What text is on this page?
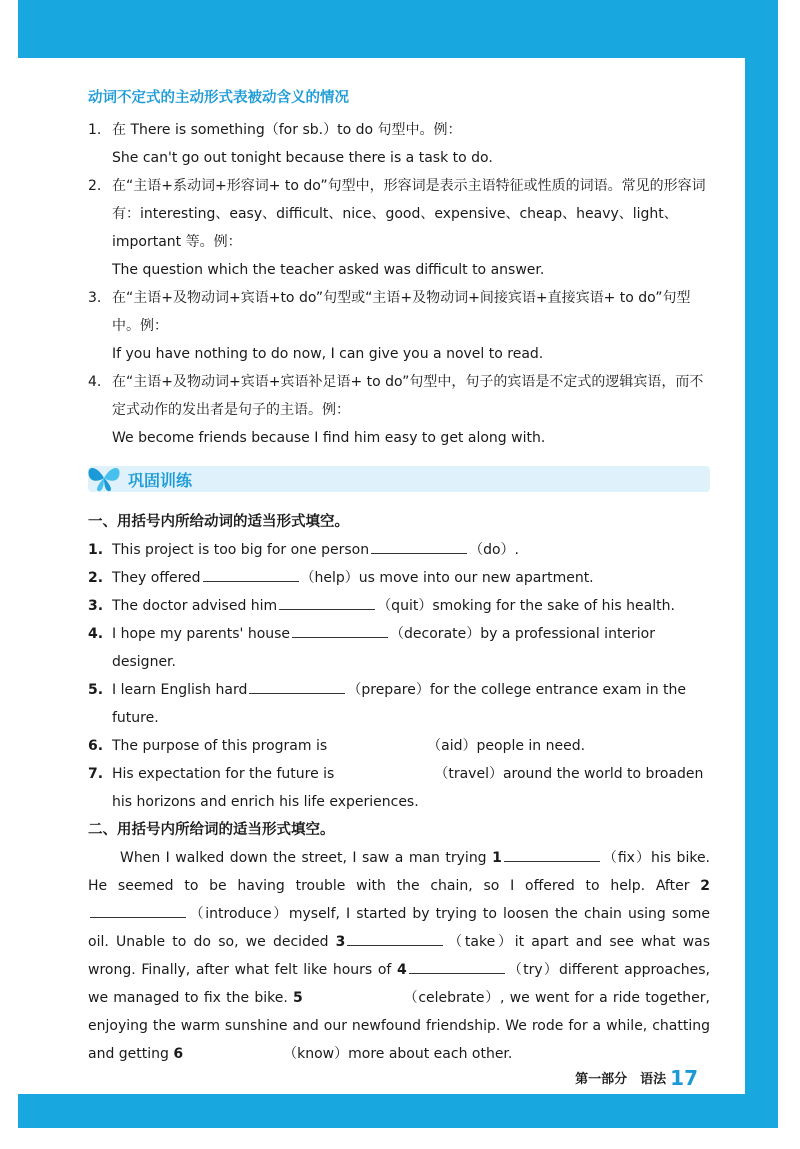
动词不定式的主动形式表被动含义的情况
1. 在 There is something（for sb.）to do 句型中。例：
She can't go out tonight because there is a task to do.
2. 在“主语+系动词+形容词+ to do”句型中，形容词是表示主语特征或性质的词语。常见的形容词有：interesting、easy、difficult、nice、good、expensive、cheap、heavy、light、important 等。例：
The question which the teacher asked was difficult to answer.
3. 在“主语+及物动词+宾语+to do”句型或“主语+及物动词+间接宾语+直接宾语+ to do”句型中。例：
If you have nothing to do now, I can give you a novel to read.
4. 在“主语+及物动词+宾语+宾语补足语+ to do”句型中，句子的宾语是不定式的逻辑宾语，而不定式动作的发出者是句子的主语。例：
We become friends because I find him easy to get along with.
巩固训练
一、用括号内所给动词的适当形式填空。
1. This project is too big for one person	（do）.
2. They offered	（help）us move into our new apartment.
3. The doctor advised him	（quit）smoking for the sake of his health.
4. I hope my parents' house	（decorate）by a professional interior designer.
5. I learn English hard	（prepare）for the college entrance exam in the future.
6. The purpose of this program is	（aid）people in need.
7. His expectation for the future is	（travel）around the world to broaden his horizons and enrich his life experiences.
二、用括号内所给词的适当形式填空。
When I walked down the street, I saw a man trying 1	（fix）his bike. He seemed to be having trouble with the chain, so I offered to help. After 2（introduce）myself, I started by trying to loosen the chain using some oil. Unable to do so, we decided 3	（take）it apart and see what was wrong. Finally, after what felt like hours of 4	（try）different approaches, we managed to fix the bike. 5	（celebrate）, we went for a ride together, enjoying the warm sunshine and our newfound friendship. We rode for a while, chatting and getting 6	（know）more about each other.
第一部分　语法 17
